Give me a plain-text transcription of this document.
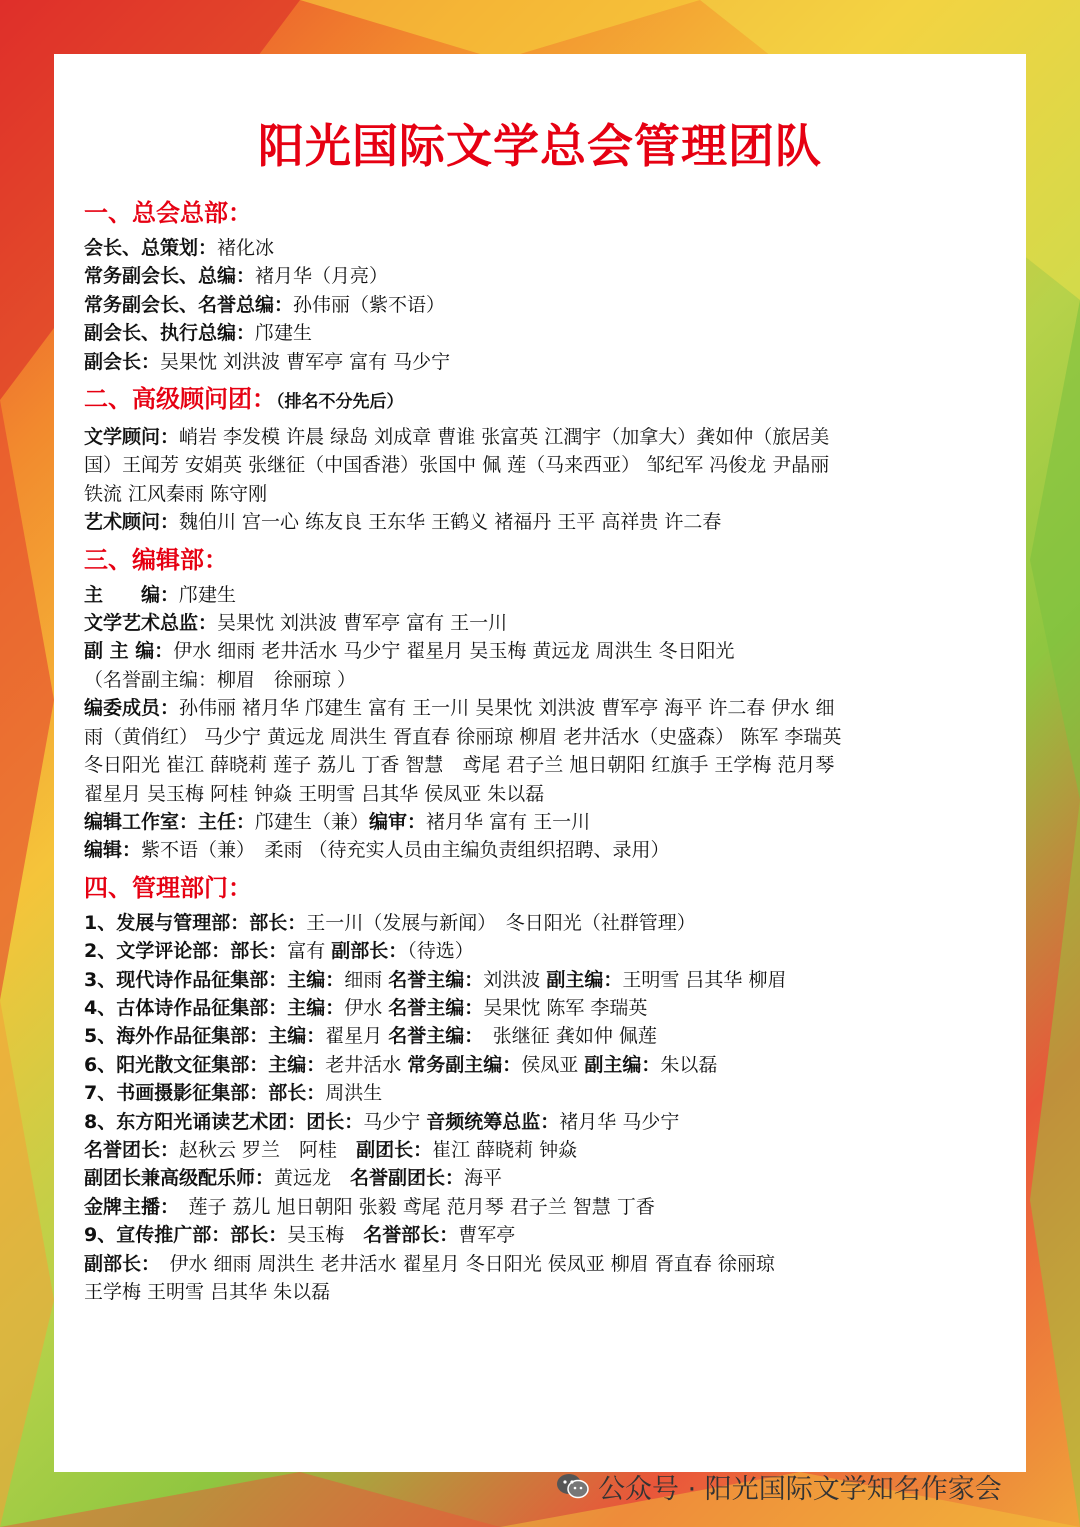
阳光国际文学总会管理团队
一、总会总部：

会长、总策划：褚化冰

常务副会长、总编：褚月华（月亮）

常务副会长、名誉总编：孙伟丽（紫不语）

副会长、执行总编：邝建生

副会长：吴果忱 刘洪波 曹军亭 富有 马少宁

二、高级顾问团：（排名不分先后）

文学顾问：峭岩 李发模 许晨 绿岛 刘成章 曹谁 张富英 江潤宇（加拿大）龚如仲（旅居美

国）王闻芳 安娟英 张继征（中国香港）张国中 佩 莲（马来西亚） 邹纪军 冯俊龙 尹晶丽

铁流 江风秦雨 陈守刚

艺术顾问：魏伯川 宫一心 练友良 王东华 王鹤义 褚福丹 王平 高祥贵 许二春

三、编辑部：

主　　编：邝建生

文学艺术总监：吴果忱 刘洪波 曹军亭 富有 王一川

副 主 编：伊水 细雨 老井活水 马少宁 翟星月 吴玉梅 黄远龙 周洪生 冬日阳光

（名誉副主编：柳眉　徐丽琼 ）

编委成员：孙伟丽 褚月华 邝建生 富有 王一川 吴果忱 刘洪波 曹军亭 海平 许二春 伊水 细

雨（黄俏红） 马少宁 黄远龙 周洪生 胥直春 徐丽琼 柳眉 老井活水（史盛森） 陈军 李瑞英

冬日阳光 崔江 薛晓莉 莲子 荔儿 丁香 智慧　鸢尾 君子兰 旭日朝阳 红旗手 王学梅 范月琴

翟星月 吴玉梅 阿桂 钟焱 王明雪 吕其华 侯凤亚 朱以磊

编辑工作室：主任：邝建生（兼）编审：褚月华 富有 王一川

编辑：紫不语（兼）　柔雨 （待充实人员由主编负责组织招聘、录用）

四、管理部门：

1、发展与管理部：部长：王一川（发展与新闻）　冬日阳光（社群管理）

2、文学评论部：部长：富有 副部长：（待选）

3、现代诗作品征集部：主编：细雨 名誉主编：刘洪波 副主编：王明雪 吕其华 柳眉

4、古体诗作品征集部：主编：伊水 名誉主编：吴果忱 陈军 李瑞英

5、海外作品征集部：主编：翟星月 名誉主编：　张继征 龚如仲 佩莲

6、阳光散文征集部：主编：老井活水 常务副主编：侯凤亚 副主编：朱以磊

7、书画摄影征集部：部长：周洪生

8、东方阳光诵读艺术团：团长：马少宁 音频统筹总监：褚月华 马少宁

名誉团长：赵秋云 罗兰　阿桂　副团长：崔江 薛晓莉 钟焱

副团长兼高级配乐师：黄远龙　名誉副团长：海平

金牌主播：　莲子 荔儿 旭日朝阳 张毅 鸢尾 范月琴 君子兰 智慧 丁香

9、宣传推广部：部长：吴玉梅　名誉部长：曹军亭

副部长：　伊水 细雨 周洪生 老井活水 翟星月 冬日阳光 侯凤亚 柳眉 胥直春 徐丽琼

王学梅 王明雪 吕其华 朱以磊

公众号 · 阳光国际文学知名作家会
